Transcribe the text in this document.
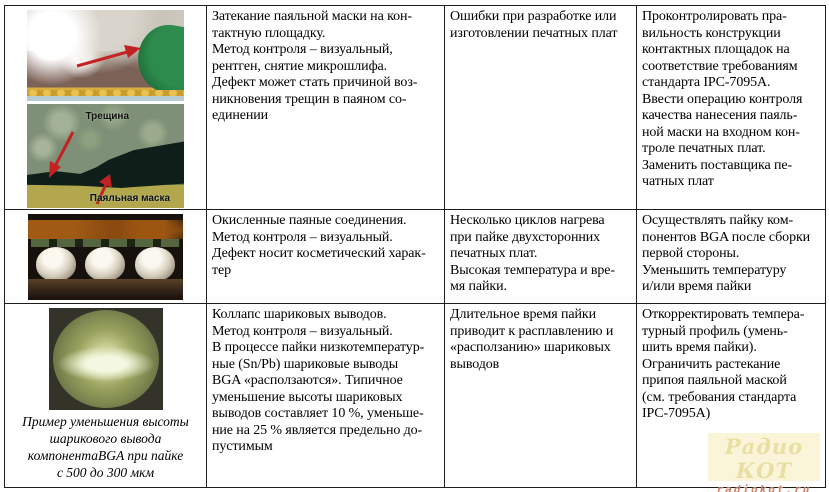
Трещина
Паяльная маска
Затекание паяльной маски на кон-
тактную площадку.
Метод контроля – визуальный,
рентген, снятие микрошлифа.
Дефект может стать причиной воз-
никновения трещин в паяном со-
единении
Ошибки при разработке или
изготовлении печатных плат
Проконтролировать пра-
вильность конструкции
контактных площадок на
соответствие требованиям
стандарта IPC-7095A.
Ввести операцию контроля
качества нанесения паяль-
ной маски на входном кон-
троле печатных плат.
Заменить поставщика пе-
чатных плат
Окисленные паяные соединения.
Метод контроля – визуальный.
Дефект носит косметический харак-
тер
Несколько циклов нагрева
при пайке двухсторонних
печатных плат.
Высокая температура и вре-
мя пайки.
Осуществлять пайку ком-
понентов BGA после сборки
первой стороны.
Уменьшить температуру
и/или время пайки
Пример уменьшения высоты
шарикового вывода
компонентаBGA при пайке
с 500 до 300 мкм
Коллапс шариковых выводов.
Метод контроля – визуальный.
В процессе пайки низкотемператур-
ные (Sn/Pb) шариковые выводы
BGA «расползаются». Типичное
уменьшение высоты шариковых
выводов составляет 10 %, уменьше-
ние на 25 % является предельно до-
пустимым
Длительное время пайки
приводит к расплавлению и
«расползанию» шариковых
выводов
Откорректировать темпера-
турный профиль (умень-
шить время пайки).
Ограничить растекание
припоя паяльной маской
(см. требования стандарта
IPC-7095A)
Радио КОТ
radiokot.ru
